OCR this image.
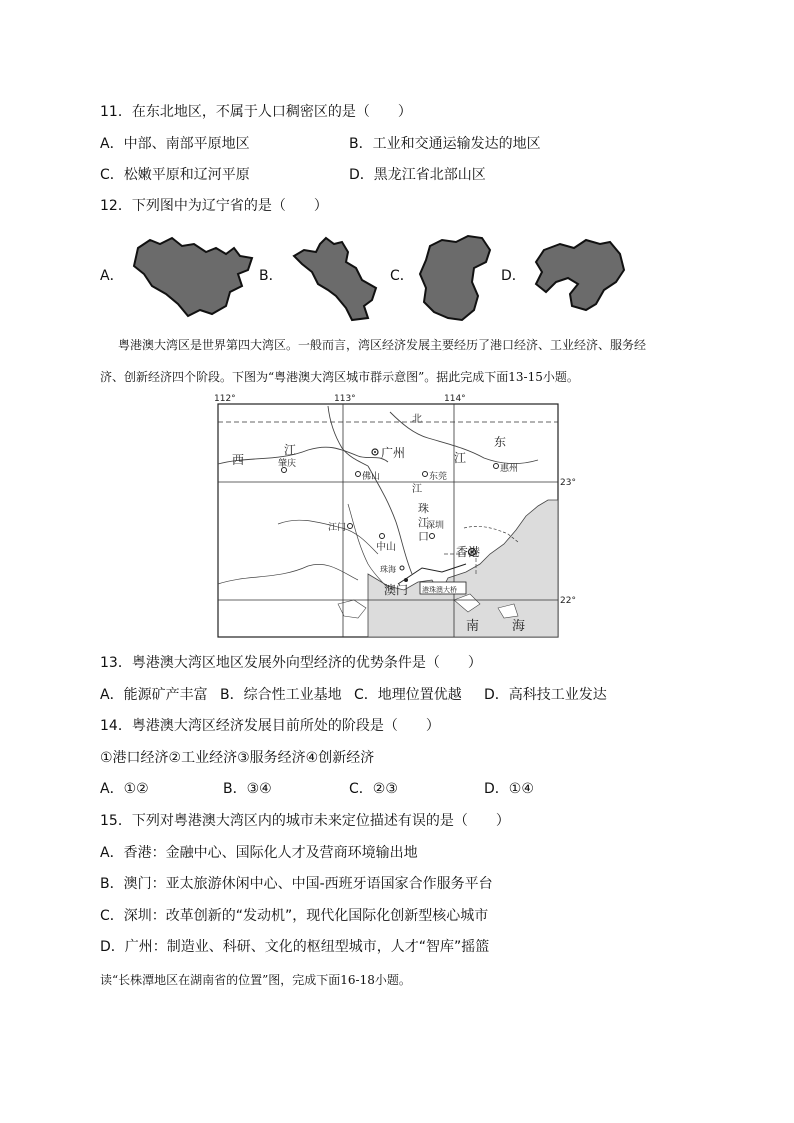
11．在东北地区，不属于人口稠密区的是（　　）
A．中部、南部平原地区	B．工业和交通运输发达的地区
C．松嫩平原和辽河平原	D．黑龙江省北部山区
12．下列图中为辽宁省的是（　　）
A．	B．	C．	D．
粤港澳大湾区是世界第四大湾区。一般而言，湾区经济发展主要经历了港口经济、工业经济、服务经
济、创新经济四个阶段。下图为“粤港澳大湾区城市群示意图”。据此完成下面13-15小题。
112°	113°	114°
23°
22°
广州
佛山	东莞
惠州
肇庆
江门
中山
深圳
香港
珠海
澳门 港珠澳大桥
西
江
北
江
东
江
珠
江
口
南	海
13．粤港澳大湾区地区发展外向型经济的优势条件是（　　）
A．能源矿产丰富 B．综合性工业基地 C．地理位置优越 D．高科技工业发达
14．粤港澳大湾区经济发展目前所处的阶段是（　　）
①港口经济②工业经济③服务经济④创新经济
A．①②	B．③④	C．②③	D．①④
15．下列对粤港澳大湾区内的城市未来定位描述有误的是（　　）
A．香港：金融中心、国际化人才及营商环境输出地
B．澳门：亚太旅游休闲中心、中国-西班牙语国家合作服务平台
C．深圳：改革创新的“发动机”，现代化国际化创新型核心城市
D．广州：制造业、科研、文化的枢纽型城市，人才“智库”摇篮
读“长株潭地区在湖南省的位置”图，完成下面16-18小题。
